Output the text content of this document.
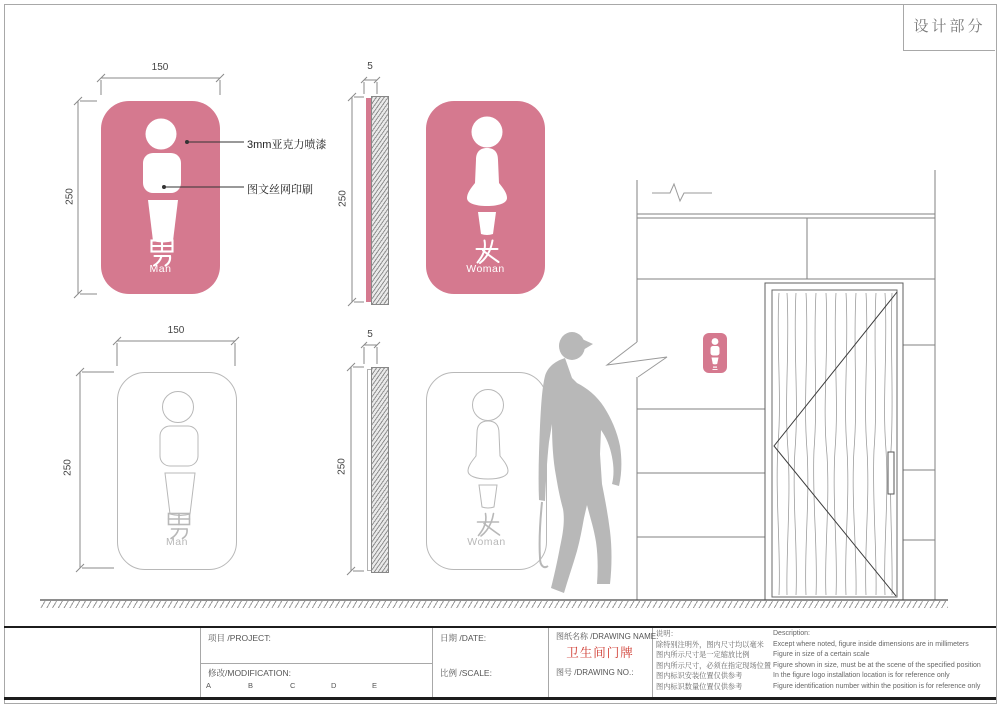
设计部分
Man	Woman
Man	Woman
150
150
250	250
250	250
5
5
3mm亚克力喷漆
图文丝网印刷
项目 /PROJECT:
修改/MODIFICATION:
A	B	C	D	E
日期 /DATE:
比例 /SCALE:
图纸名称 /DRAWING NAME:
卫生间门牌
图号 /DRAWING NO.:
说明：
除特别注明外，图内尺寸均以毫米
图内所示尺寸是一定缩放比例
图内所示尺寸，必须在指定现场位置
图内标识安装位置仅供参考
图内标识数量位置仅供参考
Description:
Except where noted, figure inside dimensions are in millimeters
Figure in size of a certain scale
Figure shown in size, must be at the scene of the specified position
In the figure logo installation location is for reference only
Figure identification number within the position is for reference only
